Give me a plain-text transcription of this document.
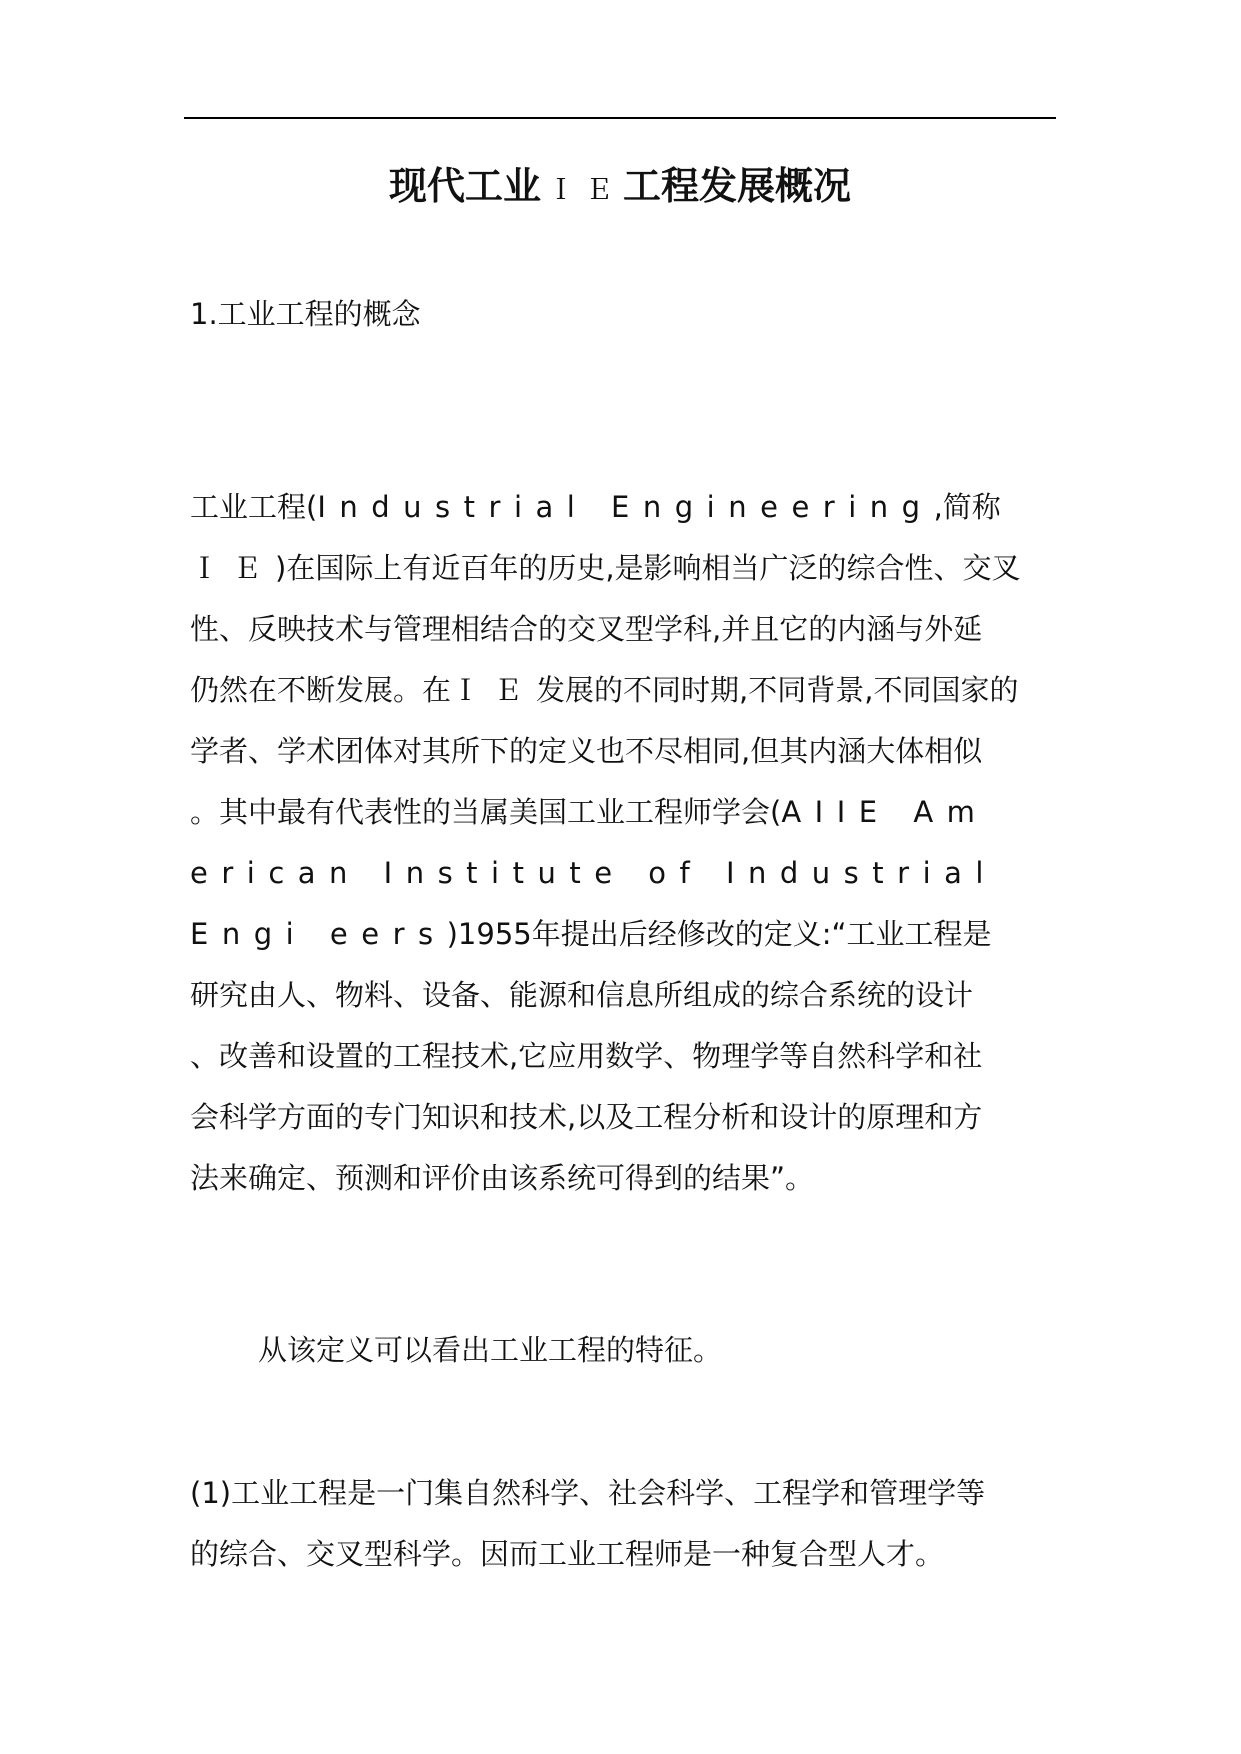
现代工业 ＩＥ工程发展概况
1.工业工程的概念
工业工程(Industrial Engineering,简称
ＩＥ)在国际上有近百年的历史,是影响相当广泛的综合性、交叉
性、反映技术与管理相结合的交叉型学科,并且它的内涵与外延
仍然在不断发展。在ＩＥ发展的不同时期,不同背景,不同国家的
学者、学术团体对其所下的定义也不尽相同,但其内涵大体相似
。其中最有代表性的当属美国工业工程师学会(AIIE Am
erican Institute of Industrial
Engi eers)1955年提出后经修改的定义:“工业工程是
研究由人、物料、设备、能源和信息所组成的综合系统的设计
、改善和设置的工程技术,它应用数学、物理学等自然科学和社
会科学方面的专门知识和技术,以及工程分析和设计的原理和方
法来确定、预测和评价由该系统可得到的结果”。
从该定义可以看出工业工程的特征。
(1)工业工程是一门集自然科学、社会科学、工程学和管理学等
的综合、交叉型科学。因而工业工程师是一种复合型人才。
